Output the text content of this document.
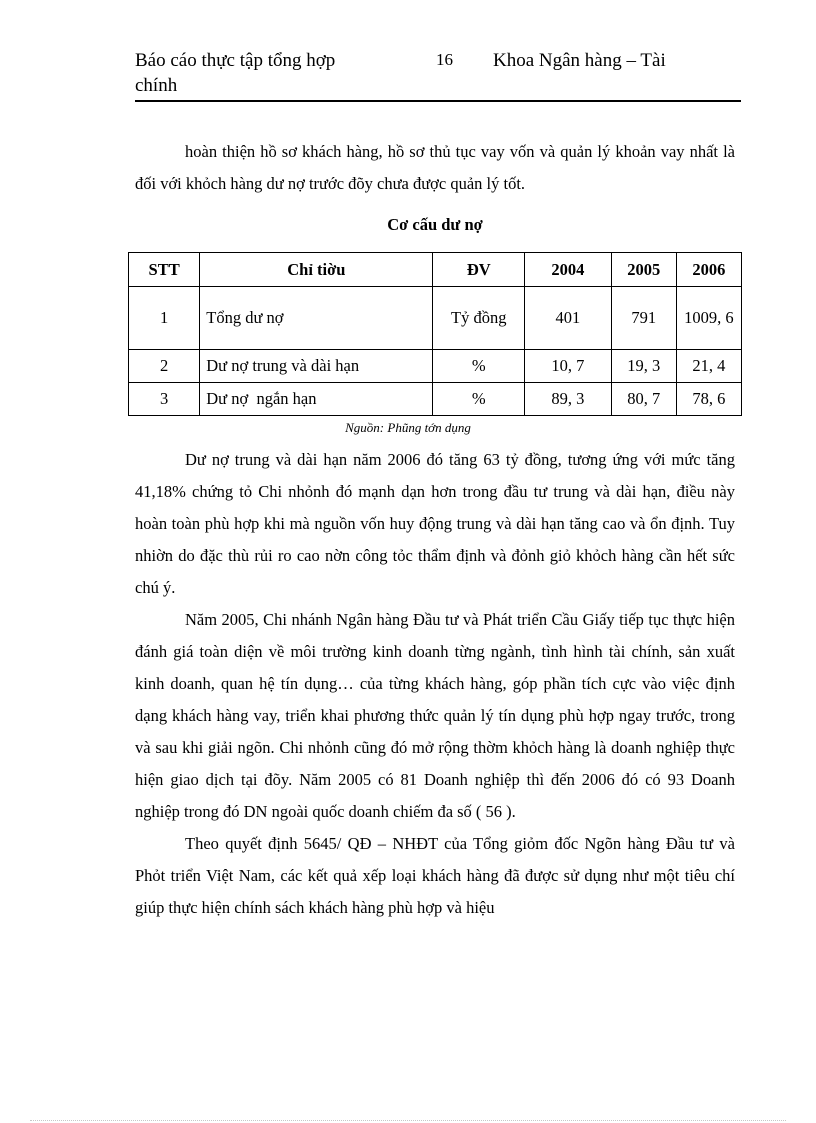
Báo cáo thực tập tổng hợp chính
16 Khoa Ngân hàng – Tài

hoàn thiện hồ sơ khách hàng, hồ sơ thủ tục vay vốn và quản lý khoản vay nhất là đối với khỏch hàng dư nợ trước đõy chưa được quản lý tốt.

Cơ cấu dư nợ
STT	Chỉ tiờu	ĐV	2004	2005	2006
1	Tổng dư nợ	Tỷ đồng	401	791	1009, 6
2	Dư nợ trung và dài hạn	%	10, 7	19, 3	21, 4
3	Dư nợ  ngắn hạn	%	89, 3	80, 7	78, 6
Nguồn: Phũng tớn dụng

Dư nợ trung và dài hạn năm 2006 đó tăng 63 tỷ đồng, tương ứng với mức tăng 41,18% chứng tỏ Chi nhỏnh đó mạnh dạn hơn trong đầu tư trung và dài hạn, điều này hoàn toàn phù hợp khi mà nguồn vốn huy động trung và dài hạn tăng cao và ổn định. Tuy nhiờn do đặc thù rủi ro cao nờn công tỏc thẩm định và đỏnh giỏ khỏch hàng cần hết sức chú ý.

Năm 2005, Chi nhánh Ngân hàng Đầu tư và Phát triển Cầu Giấy tiếp tục thực hiện đánh giá toàn diện về môi trường kinh doanh từng ngành, tình hình tài chính, sản xuất kinh doanh, quan hệ tín dụng… của từng khách hàng, góp phần tích cực vào việc định dạng khách hàng vay, triển khai phương thức quản lý tín dụng phù hợp ngay trước, trong và sau khi giải ngõn. Chi nhỏnh cũng đó mở rộng thờm khỏch hàng là doanh nghiệp thực hiện giao dịch tại đõy. Năm 2005 có 81 Doanh nghiệp thì đến 2006 đó có 93 Doanh nghiệp trong đó DN ngoài quốc doanh chiếm đa số ( 56 ).

Theo quyết định 5645/ QĐ – NHĐT của Tổng giỏm đốc Ngõn hàng Đầu tư và Phỏt triển Việt Nam, các kết quả xếp loại khách hàng đã được sử dụng như một tiêu chí giúp thực hiện chính sách khách hàng phù hợp và hiệu
